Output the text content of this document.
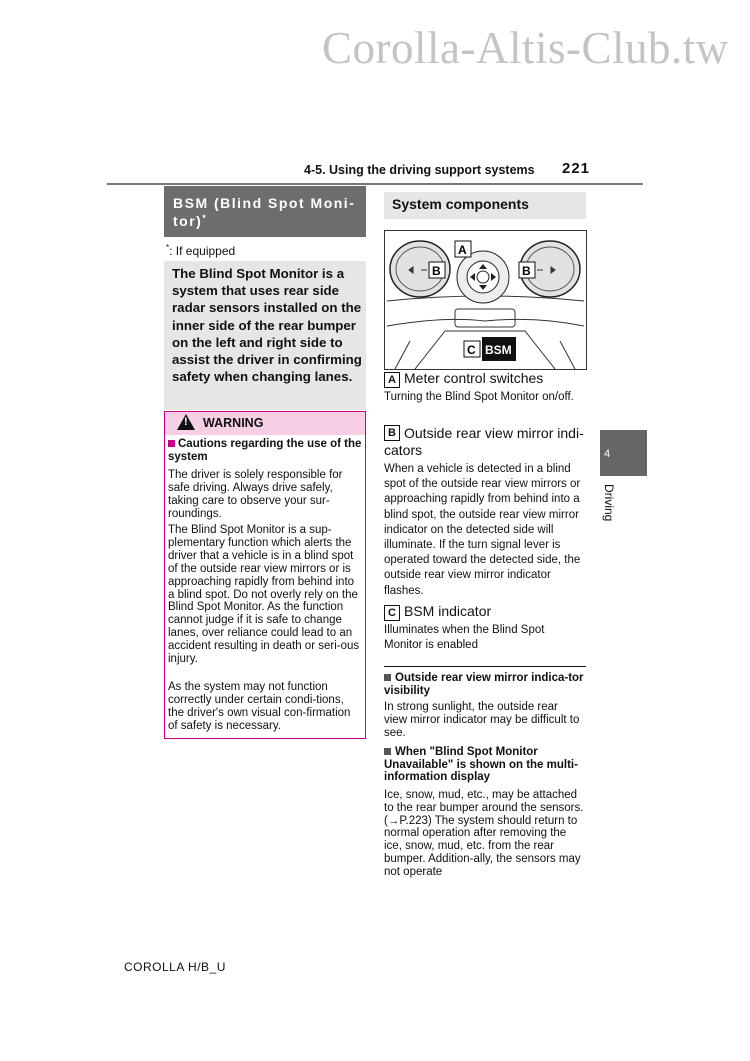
Corolla-Altis-Club.tw
4-5. Using the driving support systems 221
BSM (Blind Spot Moni-tor)*
*: If equipped
The Blind Spot Monitor is a system that uses rear side radar sensors installed on the inner side of the rear bumper on the left and right side to assist the driver in confirming safety when changing lanes.
! WARNING
Cautions regarding the use of the system
The driver is solely responsible for safe driving. Always drive safely, taking care to observe your sur-roundings.
The Blind Spot Monitor is a sup-plementary function which alerts the driver that a vehicle is in a blind spot of the outside rear view mirrors or is approaching rapidly from behind into a blind spot. Do not overly rely on the Blind Spot Monitor. As the function cannot judge if it is safe to change lanes, over reliance could lead to an accident resulting in death or seri-ous injury.
As the system may not function correctly under certain condi-tions, the driver's own visual con-firmation of safety is necessary.
System components
A
B	B
C BSM
A Meter control switches
Turning the Blind Spot Monitor on/off.
B Outside rear view mirror indi-cators
When a vehicle is detected in a blind spot of the outside rear view mirrors or approaching rapidly from behind into a blind spot, the outside rear view mirror indicator on the detected side will illuminate. If the turn signal lever is operated toward the detected side, the outside rear view mirror indicator flashes.
C BSM indicator
Illuminates when the Blind Spot Monitor is enabled
Outside rear view mirror indica-tor visibility
In strong sunlight, the outside rear view mirror indicator may be difficult to see.
When "Blind Spot Monitor Unavailable" is shown on the multi-information display
Ice, snow, mud, etc., may be attached to the rear bumper around the sensors. (→P.223) The system should return to normal operation after removing the ice, snow, mud, etc. from the rear bumper. Addition-ally, the sensors may not operate
4
Driving
COROLLA H/B_U
